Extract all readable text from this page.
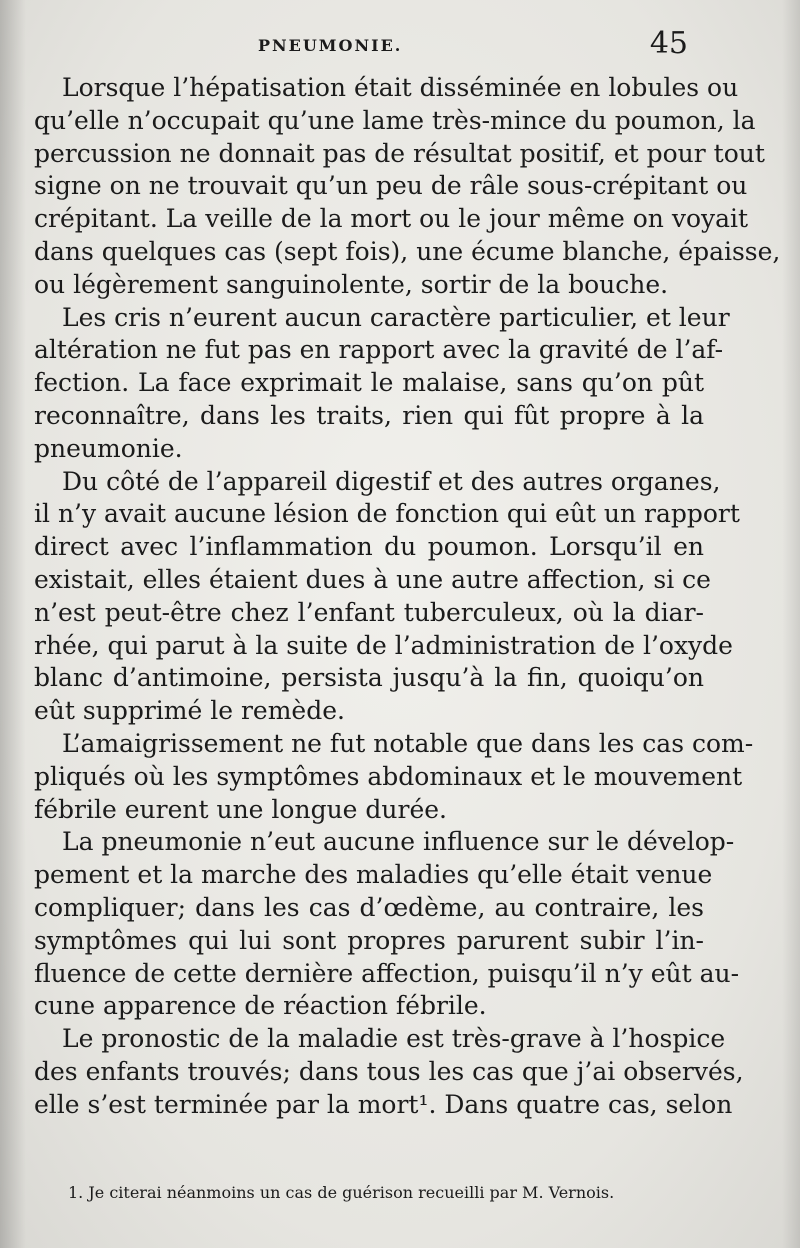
PNEUMONIE.	45

Lorsque l’hépatisation était disséminée en lobules ou
qu’elle n’occupait qu’une lame très-mince du poumon, la
percussion ne donnait pas de résultat positif, et pour tout
signe on ne trouvait qu’un peu de râle sous-crépitant ou
crépitant. La veille de la mort ou le jour même on voyait
dans quelques cas (sept fois), une écume blanche, épaisse,
ou légèrement sanguinolente, sortir de la bouche.

Les cris n’eurent aucun caractère particulier, et leur
altération ne fut pas en rapport avec la gravité de l’af-
fection. La face exprimait le malaise, sans qu’on pût
reconnaître, dans les traits, rien qui fût propre à la
pneumonie.

Du côté de l’appareil digestif et des autres organes,
il n’y avait aucune lésion de fonction qui eût un rapport
direct avec l’inflammation du poumon. Lorsqu’il en
existait, elles étaient dues à une autre affection, si ce
n’est peut-être chez l’enfant tuberculeux, où la diar-
rhée, qui parut à la suite de l’administration de l’oxyde
blanc d’antimoine, persista jusqu’à la fin, quoiqu’on
eût supprimé le remède.

L’amaigrissement ne fut notable que dans les cas com-
pliqués où les symptômes abdominaux et le mouvement
fébrile eurent une longue durée.

La pneumonie n’eut aucune influence sur le dévelop-
pement et la marche des maladies qu’elle était venue
compliquer; dans les cas d’œdème, au contraire, les
symptômes qui lui sont propres parurent subir l’in-
fluence de cette dernière affection, puisqu’il n’y eût au-
cune apparence de réaction fébrile.

Le pronostic de la maladie est très-grave à l’hospice
des enfants trouvés; dans tous les cas que j’ai observés,
elle s’est terminée par la mort¹. Dans quatre cas, selon

1. Je citerai néanmoins un cas de guérison recueilli par M. Vernois.
